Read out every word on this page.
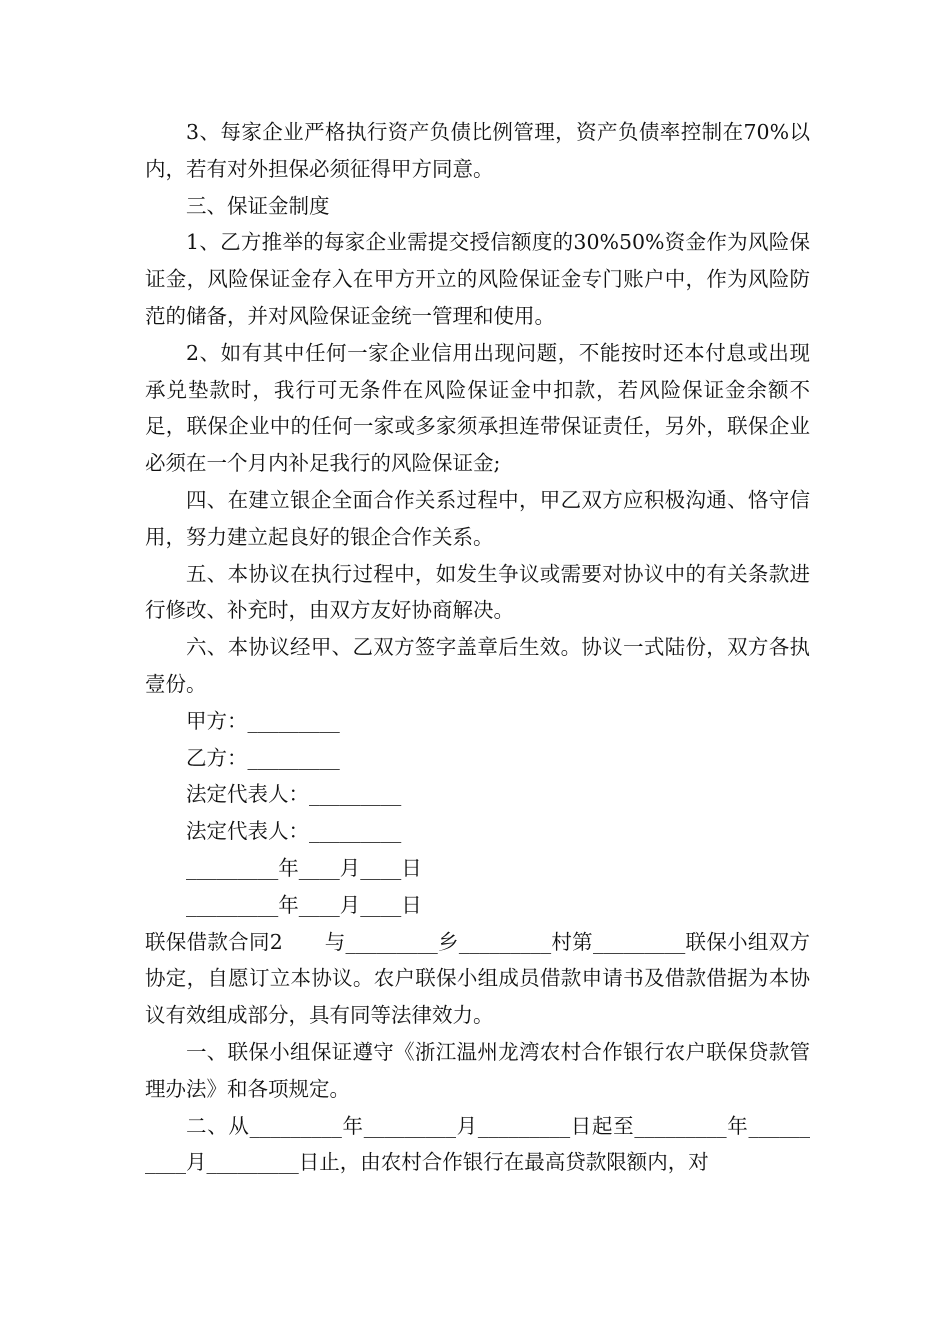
3、每家企业严格执行资产负债比例管理，资产负债率控制在70%以内，若有对外担保必须征得甲方同意。

三、保证金制度

1、乙方推举的每家企业需提交授信额度的30%50%资金作为风险保证金，风险保证金存入在甲方开立的风险保证金专门账户中，作为风险防范的储备，并对风险保证金统一管理和使用。

2、如有其中任何一家企业信用出现问题，不能按时还本付息或出现承兑垫款时，我行可无条件在风险保证金中扣款，若风险保证金余额不足，联保企业中的任何一家或多家须承担连带保证责任，另外，联保企业必须在一个月内补足我行的风险保证金;

四、在建立银企全面合作关系过程中，甲乙双方应积极沟通、恪守信用，努力建立起良好的银企合作关系。

五、本协议在执行过程中，如发生争议或需要对协议中的有关条款进行修改、补充时，由双方友好协商解决。

六、本协议经甲、乙双方签字盖章后生效。协议一式陆份，双方各执壹份。

甲方：_________

乙方：_________

法定代表人：_________

法定代表人：_________

_________年____月____日

_________年____月____日

联保借款合同2　　与_________乡_________村第_________联保小组双方协定，自愿订立本协议。农户联保小组成员借款申请书及借款借据为本协议有效组成部分，具有同等法律效力。

一、联保小组保证遵守《浙江温州龙湾农村合作银行农户联保贷款管理办法》和各项规定。

二、从_________年_________月_________日起至_________年__________月_________日止，由农村合作银行在最高贷款限额内，对
